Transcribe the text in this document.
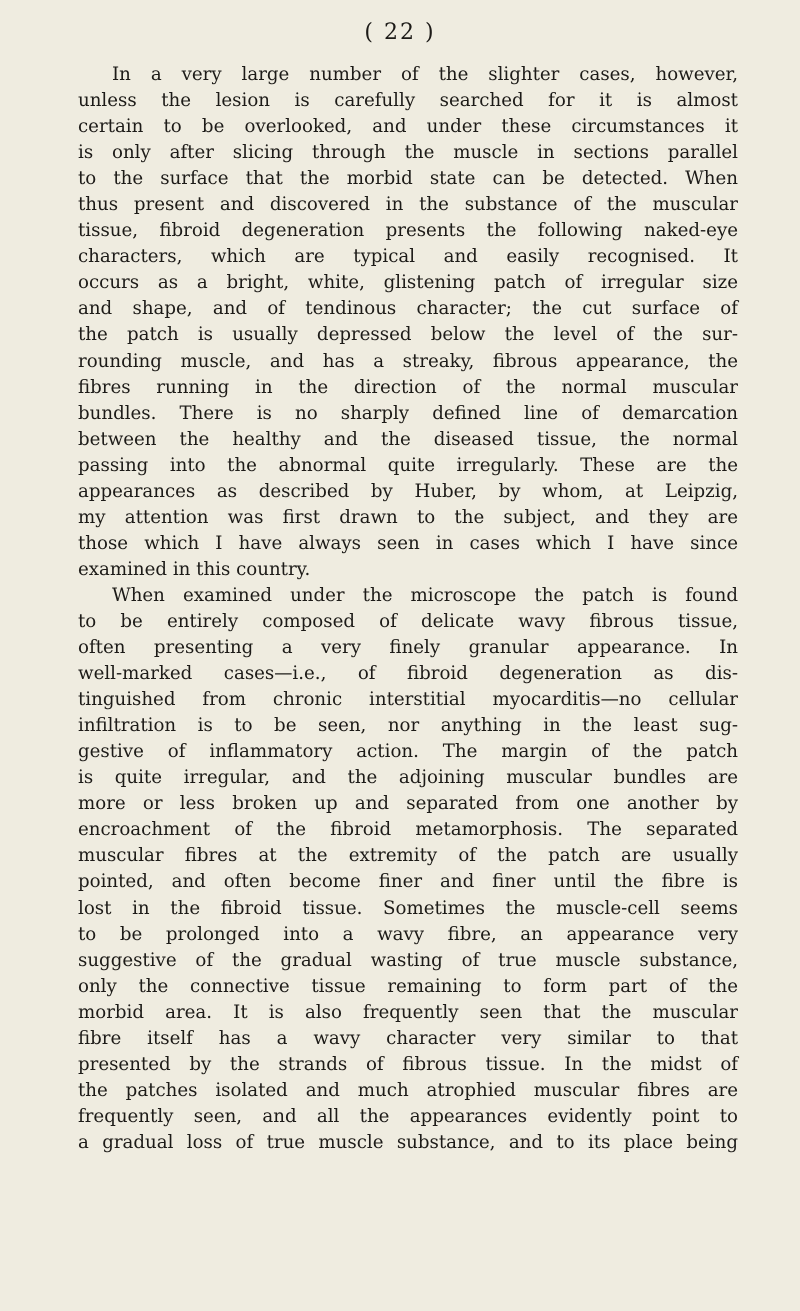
( 22 )
In a very large number of the slighter cases, however,
unless the lesion is carefully searched for it is almost
certain to be overlooked, and under these circumstances it
is only after slicing through the muscle in sections parallel
to the surface that the morbid state can be detected. When
thus present and discovered in the substance of the muscular
tissue, fibroid degeneration presents the following naked-eye
characters, which are typical and easily recognised. It
occurs as a bright, white, glistening patch of irregular size
and shape, and of tendinous character; the cut surface of
the patch is usually depressed below the level of the sur-
rounding muscle, and has a streaky, fibrous appearance, the
fibres running in the direction of the normal muscular
bundles. There is no sharply defined line of demarcation
between the healthy and the diseased tissue, the normal
passing into the abnormal quite irregularly. These are the
appearances as described by Huber, by whom, at Leipzig,
my attention was first drawn to the subject, and they are
those which I have always seen in cases which I have since
examined in this country.
When examined under the microscope the patch is found
to be entirely composed of delicate wavy fibrous tissue,
often presenting a very finely granular appearance. In
well-marked cases—i.e., of fibroid degeneration as dis-
tinguished from chronic interstitial myocarditis—no cellular
infiltration is to be seen, nor anything in the least sug-
gestive of inflammatory action. The margin of the patch
is quite irregular, and the adjoining muscular bundles are
more or less broken up and separated from one another by
encroachment of the fibroid metamorphosis. The separated
muscular fibres at the extremity of the patch are usually
pointed, and often become finer and finer until the fibre is
lost in the fibroid tissue. Sometimes the muscle-cell seems
to be prolonged into a wavy fibre, an appearance very
suggestive of the gradual wasting of true muscle substance,
only the connective tissue remaining to form part of the
morbid area. It is also frequently seen that the muscular
fibre itself has a wavy character very similar to that
presented by the strands of fibrous tissue. In the midst of
the patches isolated and much atrophied muscular fibres are
frequently seen, and all the appearances evidently point to
a gradual loss of true muscle substance, and to its place being
